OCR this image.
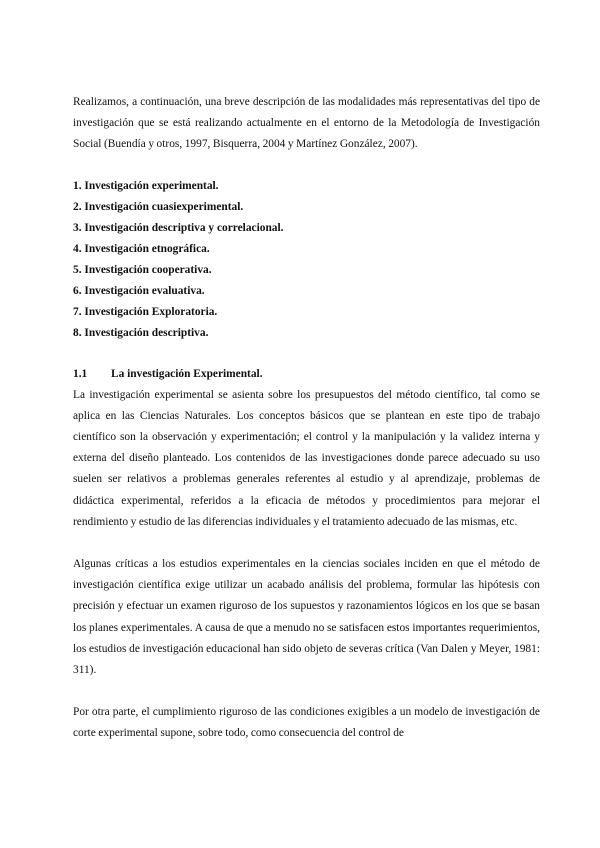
Realizamos, a continuación, una breve descripción de las modalidades más representativas del tipo de investigación que se está realizando actualmente en el entorno de la Metodología de Investigación Social (Buendía y otros, 1997, Bisquerra, 2004 y Martínez González, 2007).

1. Investigación experimental.
2. Investigación cuasiexperimental.
3. Investigación descriptiva y correlacional.
4. Investigación etnográfica.
5. Investigación cooperativa.
6. Investigación evaluativa.
7. Investigación Exploratoria.
8. Investigación descriptiva.
1.1	La investigación Experimental.

La investigación experimental se asienta sobre los presupuestos del método científico, tal como se aplica en las Ciencias Naturales. Los conceptos básicos que se plantean en este tipo de trabajo científico son la observación y experimentación; el control y la manipulación y la validez interna y externa del diseño planteado. Los contenidos de las investigaciones donde parece adecuado su uso suelen ser relativos a problemas generales referentes al estudio y al aprendizaje, problemas de didáctica experimental, referidos a la eficacia de métodos y procedimientos para mejorar el rendimiento y estudio de las diferencias individuales y el tratamiento adecuado de las mismas, etc.

Algunas críticas a los estudios experimentales en la ciencias sociales inciden en que el método de investigación científica exige utilizar un acabado análisis del problema, formular las hipótesis con precisión y efectuar un examen riguroso de los supuestos y razonamientos lógicos en los que se basan los planes experimentales. A causa de que a menudo no se satisfacen estos importantes requerimientos, los estudios de investigación educacional han sido objeto de severas crítica (Van Dalen y Meyer, 1981: 311).

Por otra parte, el cumplimiento riguroso de las condiciones exigibles a un modelo de investigación de corte experimental supone, sobre todo, como consecuencia del control de
